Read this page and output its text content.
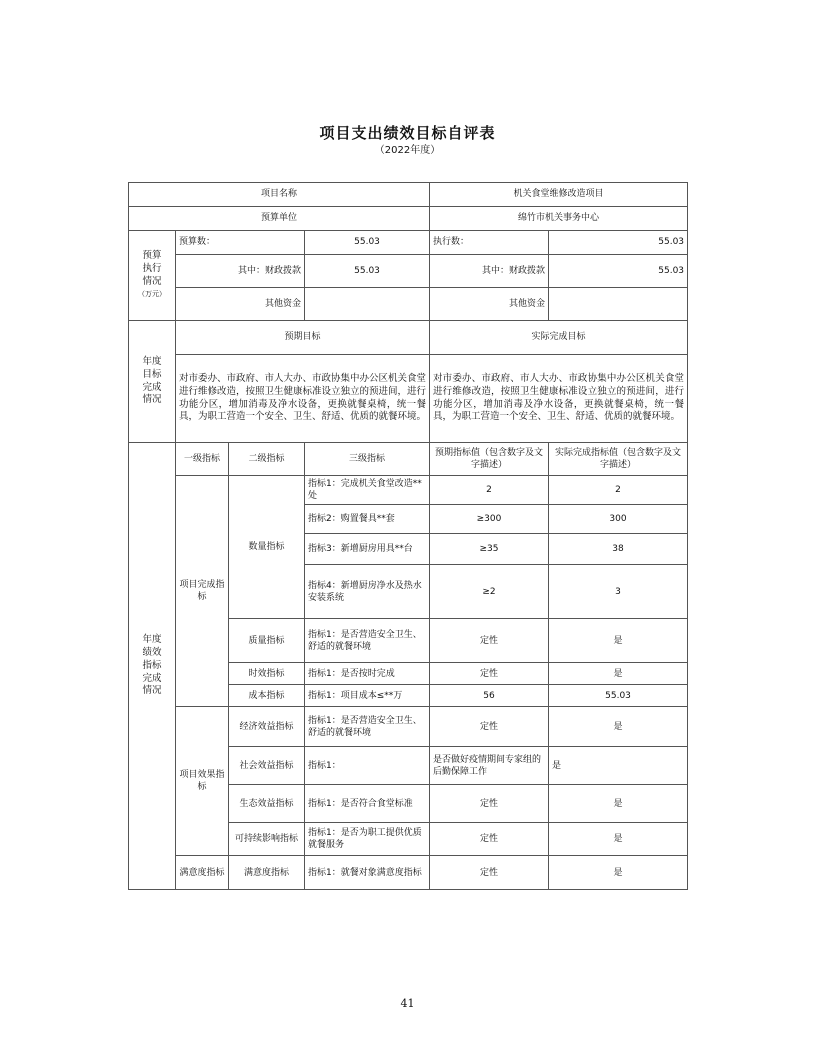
项目支出绩效目标自评表
（2022年度）
项目名称				机关食堂维修改造项目	
预算单位				绵竹市机关事务中心	
预算
执行
情况
（万元）	预算数：		55.03	执行数：	55.03
	其中：财政拨款		55.03	其中：财政拨款	55.03
	其他资金			其他资金	
年度
目标
完成
情况	预期目标			实际完成目标	
	对市委办、市政府、市人大办、市政协集中办公区机关食堂进行维修改造，按照卫生健康标准设立独立的预进间，进行功能分区，增加消毒及净水设备，更换就餐桌椅，统一餐具，为职工营造一个安全、卫生、舒适、优质的就餐环境。			对市委办、市政府、市人大办、市政协集中办公区机关食堂进行维修改造，按照卫生健康标准设立独立的预进间，进行功能分区，增加消毒及净水设备，更换就餐桌椅，统一餐具，为职工营造一个安全、卫生、舒适、优质的就餐环境。	
年度
绩效
指标
完成
情况	一级指标	二级指标	三级指标	预期指标值（包含数字及文字描述）	实际完成指标值（包含数字及文字描述）
	项目完成指标	数量指标	指标1：完成机关食堂改造**处	2	2
			指标2：购置餐具**套	≥300	300
			指标3：新增厨房用具**台	≥35	38
			指标4：新增厨房净水及热水安装系统	≥2	3
		质量指标	指标1：是否营造安全卫生、舒适的就餐环境	定性	是
		时效指标	指标1：是否按时完成	定性	是
		成本指标	指标1：项目成本≤**万	56	55.03
	项目效果指标	经济效益指标	指标1：是否营造安全卫生、舒适的就餐环境	定性	是
		社会效益指标	指标1：	是否做好疫情期间专家组的后勤保障工作	是
		生态效益指标	指标1：是否符合食堂标准	定性	是
		可持续影响指标	指标1：是否为职工提供优质就餐服务	定性	是
	满意度指标	满意度指标	指标1：就餐对象满意度指标	定性	是
41
